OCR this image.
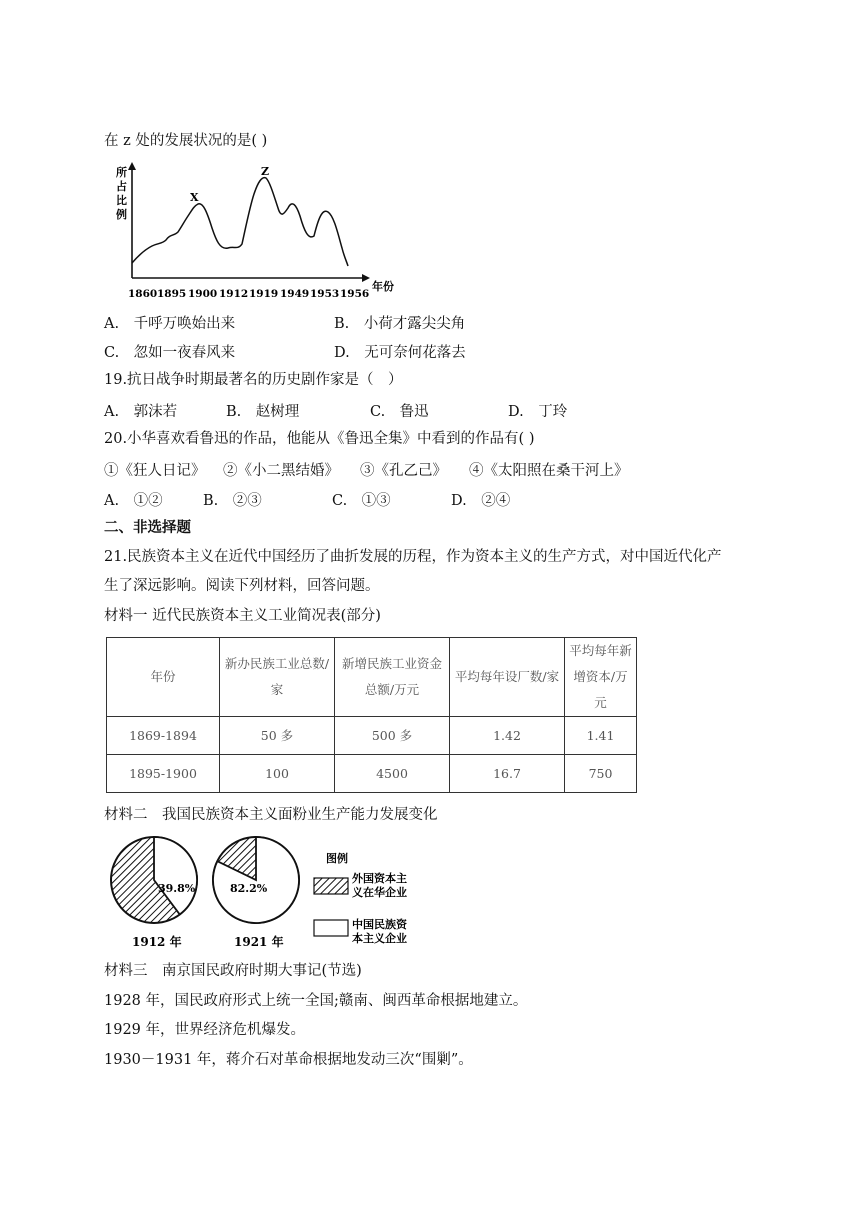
在 z 处的发展状况的是( )
所
占
比
例
年份
X
Z
1860 1895 1900 1912 1919 1949 1953 1956
A.　千呼万唤始出来	B.　小荷才露尖尖角
C.　忽如一夜春风来	D.　无可奈何花落去
19.抗日战争时期最著名的历史剧作家是（　）
A.　郭沫若	B.　赵树理	C.　鲁迅	D.　丁玲
20.小华喜欢看鲁迅的作品，他能从《鲁迅全集》中看到的作品有( )
①《狂人日记》 ②《小二黑结婚》 ③《孔乙己》 ④《太阳照在桑干河上》
A.　①②	B.　②③	C.　①③	D.　②④
二、非选择题
21.民族资本主义在近代中国经历了曲折发展的历程，作为资本主义的生产方式，对中国近代化产
生了深远影响。阅读下列材料，回答问题。
材料一 近代民族资本主义工业简况表(部分)
年份	新办民族工业总数/家	新增民族工业资金总额/万元	平均每年设厂数/家	平均每年新增资本/万元
1869-1894	50 多	500 多	1.42	1.41
1895-1900	100	4500	16.7	750
材料二　我国民族资本主义面粉业生产能力发展变化
39.8%
1912 年
82.2%
1921 年
图例
外国资本主
义在华企业
中国民族资
本主义企业
材料三　南京国民政府时期大事记(节选)
1928 年，国民政府形式上统一全国;赣南、闽西革命根据地建立。
1929 年，世界经济危机爆发。
1930－1931 年，蒋介石对革命根据地发动三次“围剿”。
